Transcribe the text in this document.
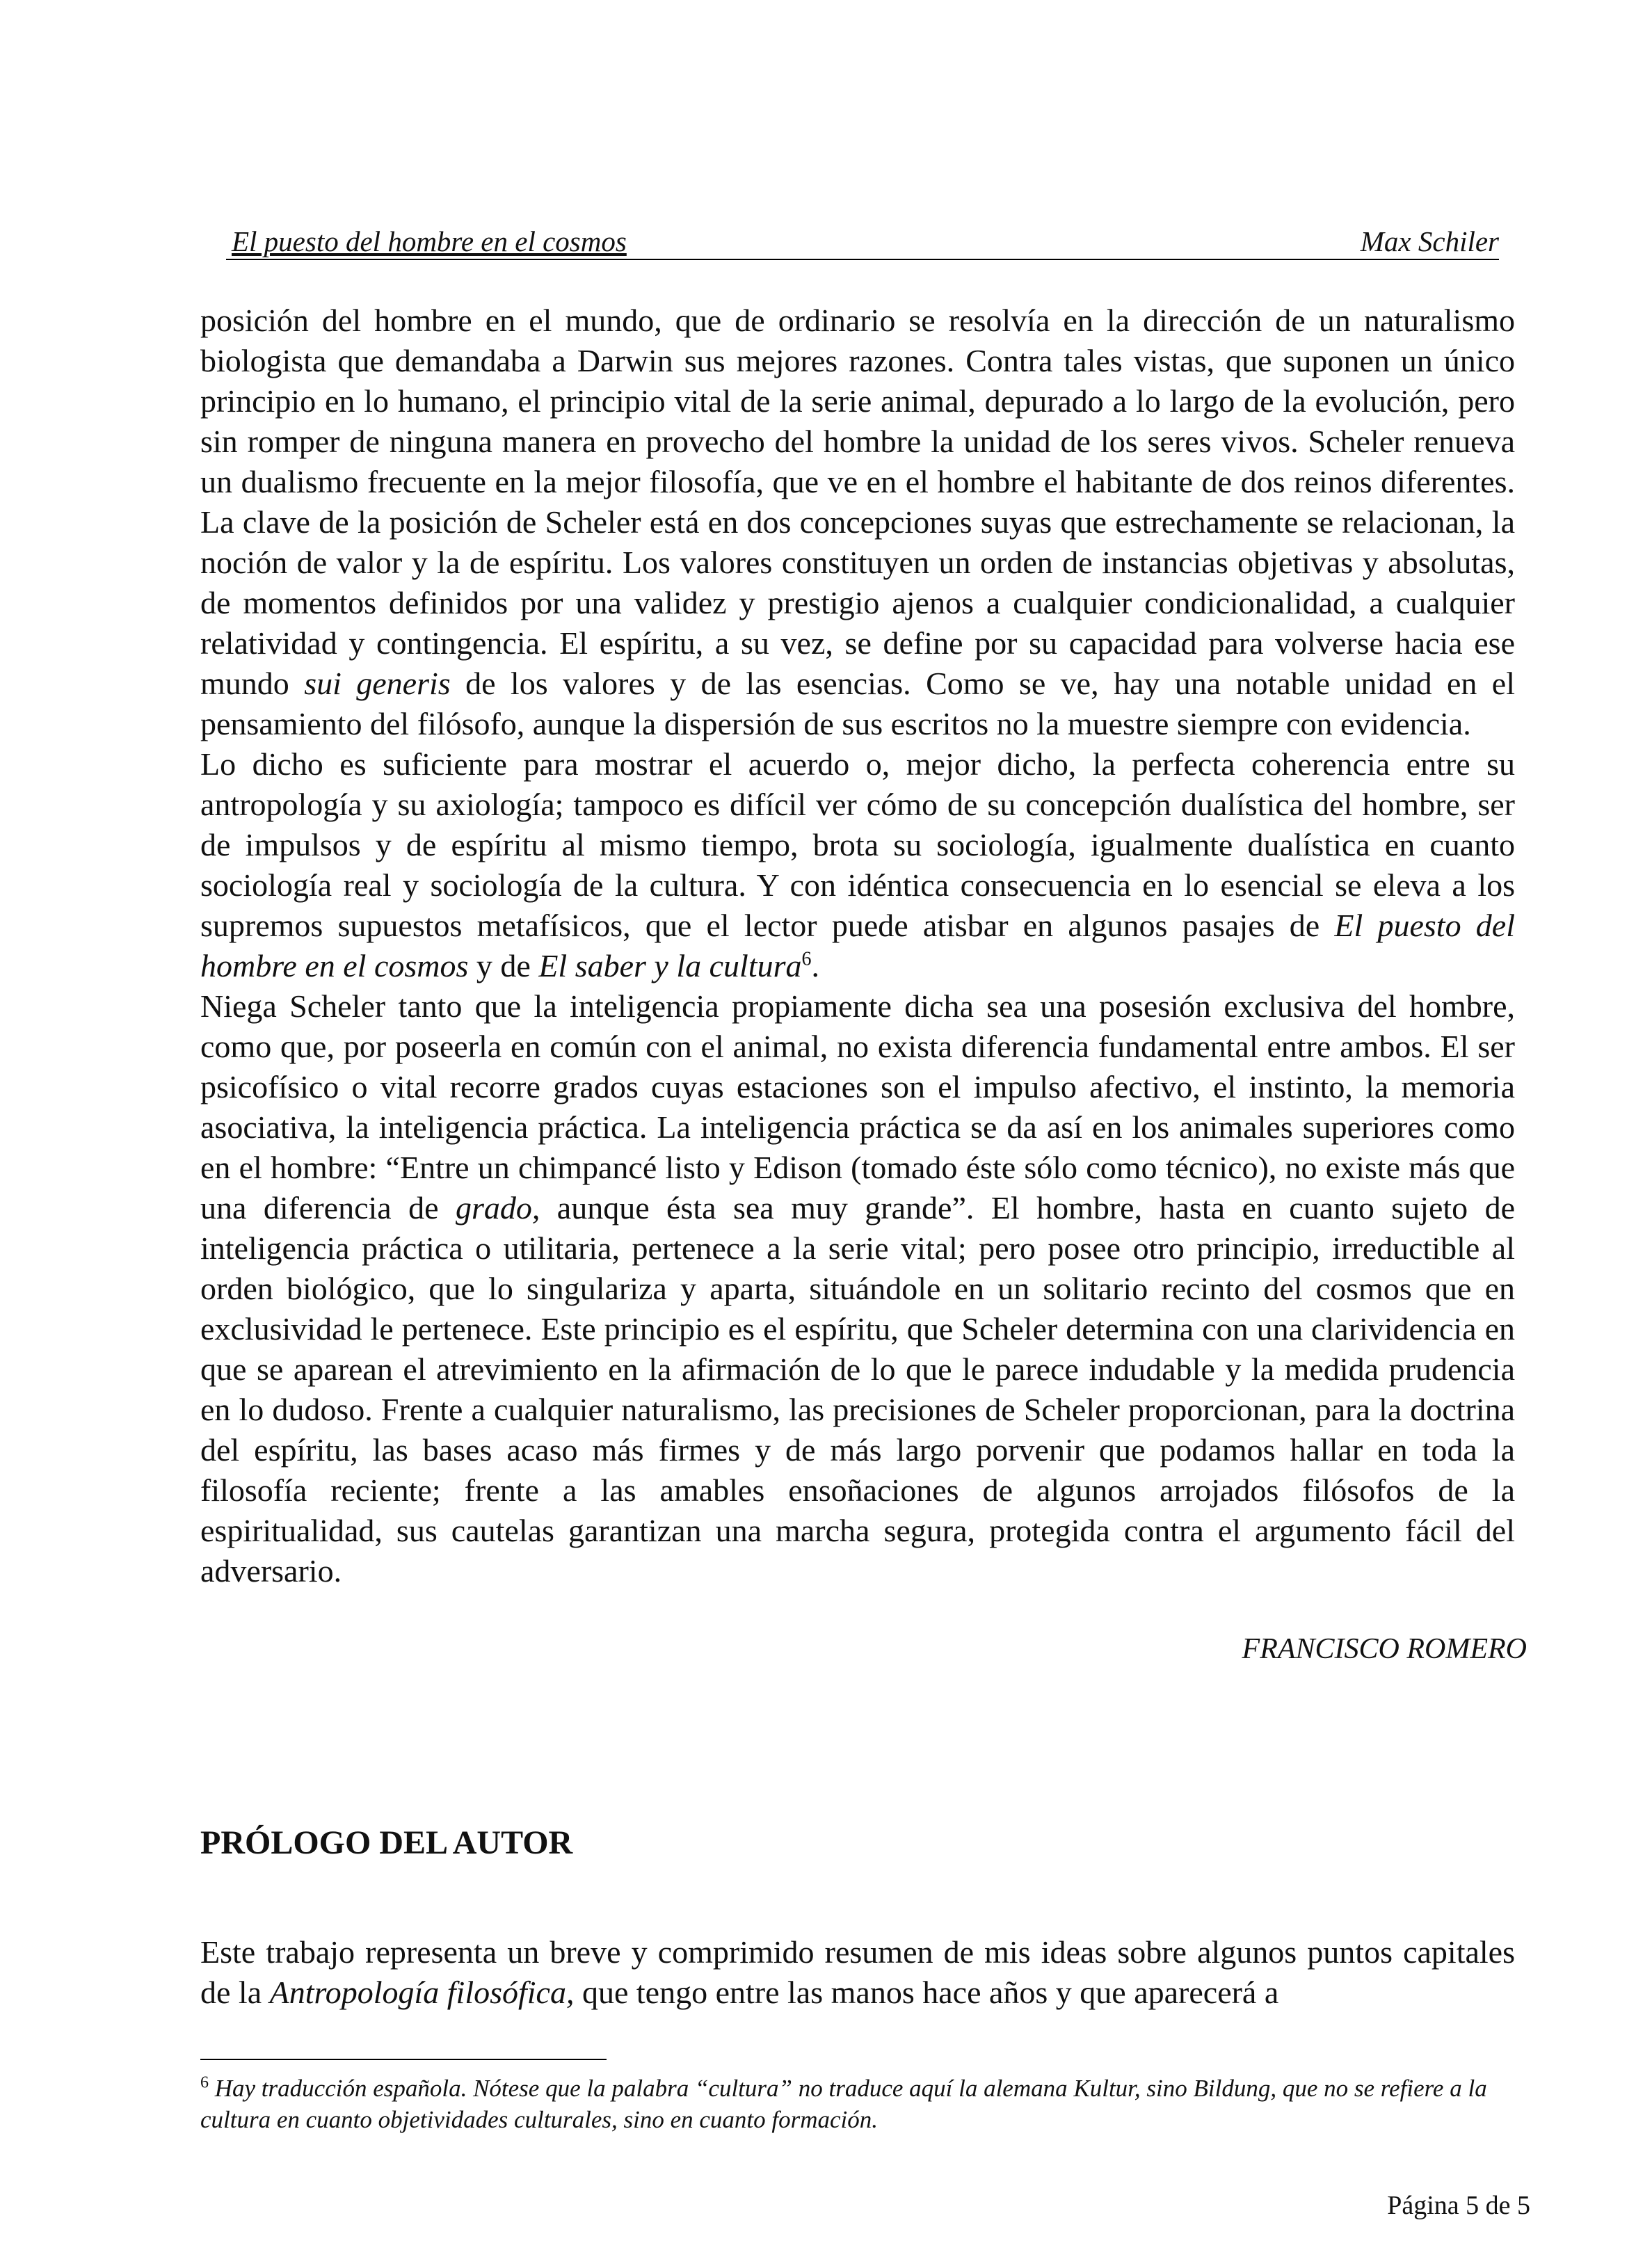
El puesto del hombre en el cosmos	Max Schiler

posición del hombre en el mundo, que de ordinario se resolvía en la dirección de un naturalismo biologista que demandaba a Darwin sus mejores razones. Contra tales vistas, que suponen un único principio en lo humano, el principio vital de la serie animal, depurado a lo largo de la evolución, pero sin romper de ninguna manera en provecho del hombre la unidad de los seres vivos. Scheler renueva un dualismo frecuente en la mejor filosofía, que ve en el hombre el habitante de dos reinos diferentes. La clave de la posición de Scheler está en dos concepciones suyas que estrechamente se relacionan, la noción de valor y la de espíritu. Los valores constituyen un orden de instancias objetivas y absolutas, de momentos definidos por una validez y prestigio ajenos a cualquier condicionalidad, a cualquier relatividad y contingencia. El espíritu, a su vez, se define por su capacidad para volverse hacia ese mundo sui generis de los valores y de las esencias. Como se ve, hay una notable unidad en el pensamiento del filósofo, aunque la dispersión de sus escritos no la muestre siempre con evidencia.

Lo dicho es suficiente para mostrar el acuerdo o, mejor dicho, la perfecta coherencia entre su antropología y su axiología; tampoco es difícil ver cómo de su concepción dualística del hombre, ser de impulsos y de espíritu al mismo tiempo, brota su sociología, igualmente dualística en cuanto sociología real y sociología de la cultura. Y con idéntica consecuencia en lo esencial se eleva a los supremos supuestos metafísicos, que el lector puede atisbar en algunos pasajes de El puesto del hombre en el cosmos y de El saber y la cultura$^6$.

Niega Scheler tanto que la inteligencia propiamente dicha sea una posesión exclusiva del hombre, como que, por poseerla en común con el animal, no exista diferencia fundamental entre ambos. El ser psicofísico o vital recorre grados cuyas estaciones son el impulso afectivo, el instinto, la memoria asociativa, la inteligencia práctica. La inteligencia práctica se da así en los animales superiores como en el hombre: “Entre un chimpancé listo y Edison (tomado éste sólo como técnico), no existe más que una diferencia de grado, aunque ésta sea muy grande”. El hombre, hasta en cuanto sujeto de inteligencia práctica o utilitaria, pertenece a la serie vital; pero posee otro principio, irreductible al orden biológico, que lo singulariza y aparta, situándole en un solitario recinto del cosmos que en exclusividad le pertenece. Este principio es el espíritu, que Scheler determina con una clarividencia en que se aparean el atrevimiento en la afirmación de lo que le parece indudable y la medida prudencia en lo dudoso. Frente a cualquier naturalismo, las precisiones de Scheler proporcionan, para la doctrina del espíritu, las bases acaso más firmes y de más largo porvenir que podamos hallar en toda la filosofía reciente; frente a las amables ensoñaciones de algunos arrojados filósofos de la espiritualidad, sus cautelas garantizan una marcha segura, protegida contra el argumento fácil del adversario.

FRANCISCO ROMERO
PRÓLOGO DEL AUTOR
Este trabajo representa un breve y comprimido resumen de mis ideas sobre algunos puntos capitales de la Antropología filosófica, que tengo entre las manos hace años y que aparecerá a
$^6$ Hay traducción española. Nótese que la palabra “cultura” no traduce aquí la alemana Kultur, sino Bildung, que no se refiere a la cultura en cuanto objetividades culturales, sino en cuanto formación.
Página 5 de 5
